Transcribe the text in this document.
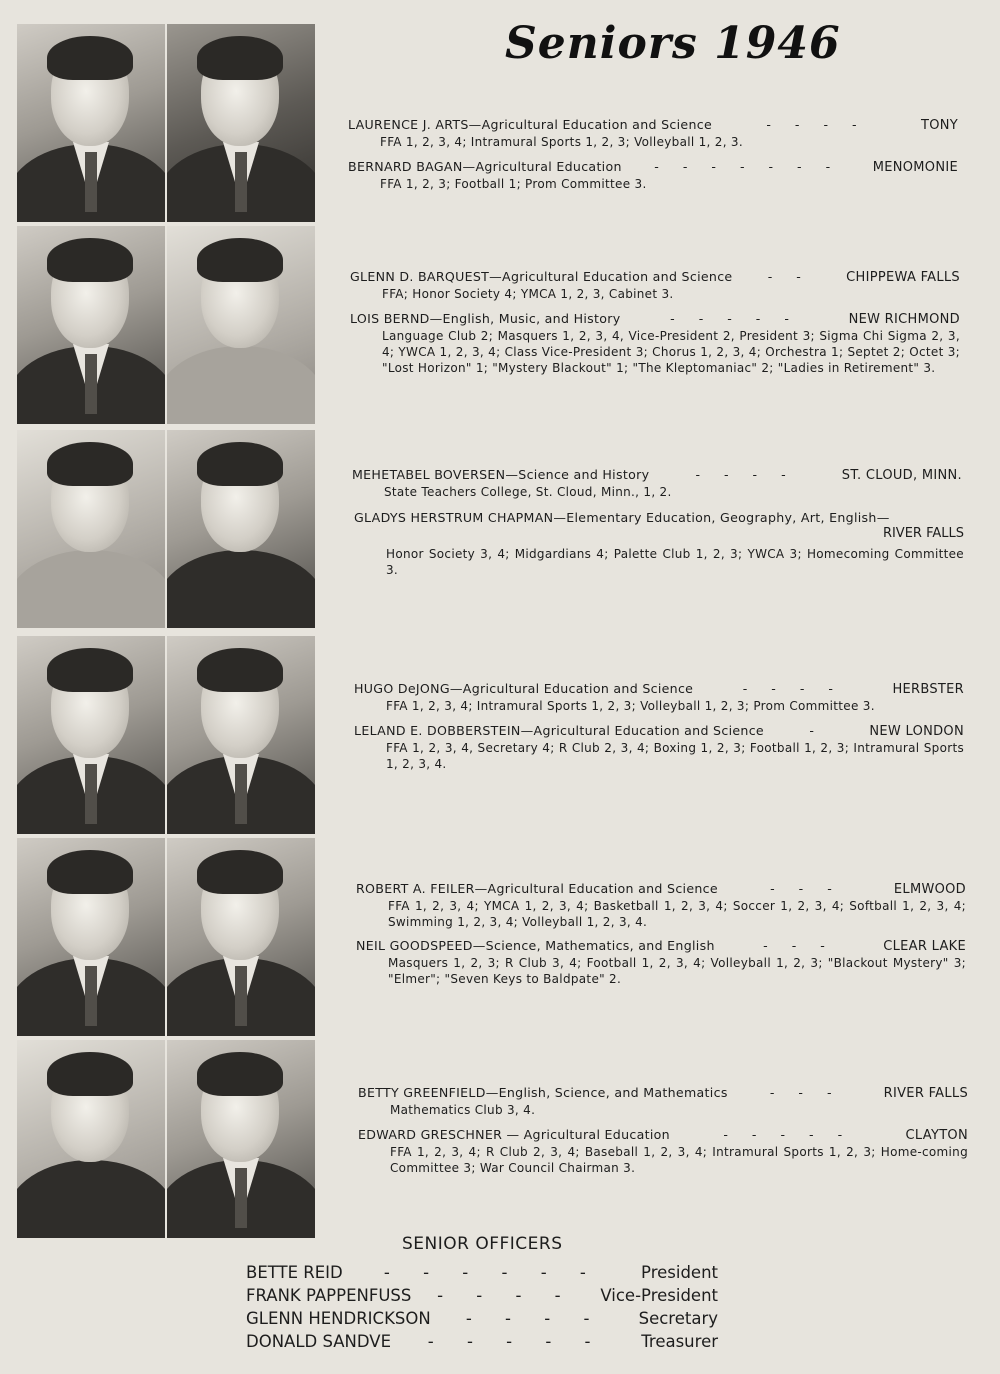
Seniors 1946
LAURENCE J. ARTS—Agricultural Education and Science	- - - -	TONY
FFA 1, 2, 3, 4; Intramural Sports 1, 2, 3; Volleyball 1, 2, 3.
BERNARD BAGAN—Agricultural Education	- - - - - - -	MENOMONIE
FFA 1, 2, 3; Football 1; Prom Committee 3.
GLENN D. BARQUEST—Agricultural Education and Science	- -	CHIPPEWA FALLS
FFA; Honor Society 4; YMCA 1, 2, 3, Cabinet 3.
LOIS BERND—English, Music, and History	- - - - -	NEW RICHMOND
Language Club 2; Masquers 1, 2, 3, 4, Vice-President 2, President 3; Sigma Chi Sigma 2, 3, 4; YWCA 1, 2, 3, 4; Class Vice-President 3; Chorus 1, 2, 3, 4; Orchestra 1; Septet 2; Octet 3; "Lost Horizon" 1; "Mystery Blackout" 1; "The Kleptomaniac" 2; "Ladies in Retirement" 3.
MEHETABEL BOVERSEN—Science and History	- - - -	ST. CLOUD, MINN.
State Teachers College, St. Cloud, Minn., 1, 2.
GLADYS HERSTRUM CHAPMAN—Elementary Education, Geography, Art, English—
RIVER FALLS
Honor Society 3, 4; Midgardians 4; Palette Club 1, 2, 3; YWCA 3; Homecoming Committee 3.
HUGO DeJONG—Agricultural Education and Science	- - - -	HERBSTER
FFA 1, 2, 3, 4; Intramural Sports 1, 2, 3; Volleyball 1, 2, 3; Prom Committee 3.
LELAND E. DOBBERSTEIN—Agricultural Education and Science	-	NEW LONDON
FFA 1, 2, 3, 4, Secretary 4; R Club 2, 3, 4; Boxing 1, 2, 3; Football 1, 2, 3; Intramural Sports 1, 2, 3, 4.
ROBERT A. FEILER—Agricultural Education and Science	- - -	ELMWOOD
FFA 1, 2, 3, 4; YMCA 1, 2, 3, 4; Basketball 1, 2, 3, 4; Soccer 1, 2, 3, 4; Softball 1, 2, 3, 4; Swimming 1, 2, 3, 4; Volleyball 1, 2, 3, 4.
NEIL GOODSPEED—Science, Mathematics, and English	- - -	CLEAR LAKE
Masquers 1, 2, 3; R Club 3, 4; Football 1, 2, 3, 4; Volleyball 1, 2, 3; "Blackout Mystery" 3; "Elmer"; "Seven Keys to Baldpate" 2.
BETTY GREENFIELD—English, Science, and Mathematics	- - -	RIVER FALLS
Mathematics Club 3, 4.
EDWARD GRESCHNER — Agricultural Education	- - - - -	CLAYTON
FFA 1, 2, 3, 4; R Club 2, 3, 4; Baseball 1, 2, 3, 4; Intramural Sports 1, 2, 3; Home-coming Committee 3; War Council Chairman 3.
SENIOR OFFICERS
BETTE REID	- - - - - -	President
FRANK PAPPENFUSS	- - - -	Vice-President
GLENN HENDRICKSON	- - - -	Secretary
DONALD SANDVE	- - - - -	Treasurer
